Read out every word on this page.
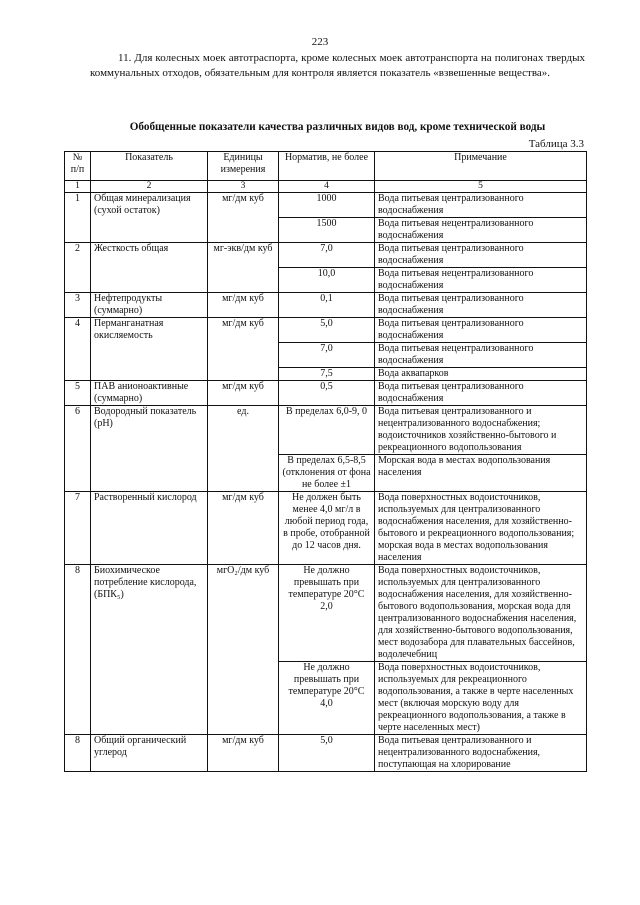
223

11. Для колесных моек автотраспорта, кроме колесных моек автотранспорта на полигонах твердых коммунальных отходов, обязательным для контроля является показатель «взвешенные вещества».

Обобщенные показатели качества различных видов вод, кроме технической воды
Таблица 3.3
№ п/п	Показатель	Единицы измерения	Норматив, не более	Примечание
1	2	3	4	5
1	Общая минерализация (сухой остаток)	мг/дм куб	1000	Вода питьевая централизованного водоснабжения
			1500	Вода питьевая нецентрализованного водоснабжения
2	Жесткость общая	мг-экв/дм куб	7,0	Вода питьевая централизованного водоснабжения
			10,0	Вода питьевая нецентрализованного водоснабжения
3	Нефтепродукты (суммарно)	мг/дм куб	0,1	Вода питьевая централизованного водоснабжения
4	Перманганатная окисляемость	мг/дм куб	5,0	Вода питьевая централизованного водоснабжения
			7,0	Вода питьевая нецентрализованного водоснабжения
			7,5	Вода аквапарков
5	ПАВ анионоактивные (суммарно)	мг/дм куб	0,5	Вода питьевая централизованного водоснабжения
6	Водородный показатель (рН)	ед.	В пределах 6,0-9, 0	Вода питьевая централизованного и нецентрализованного водоснабжения; водоисточников хозяйственно-бытового и рекреационного водопользования
			В пределах 6,5-8,5 (отклонения от фона не более ±1	Морская вода в местах водопользования населения
7	Растворенный кислород	мг/дм куб	Не должен быть менее 4,0 мг/л в любой период года, в пробе, отобранной до 12 часов дня.	Вода поверхностных водоисточников, используемых для централизованного водоснабжения населения, для хозяйственно-бытового и рекреационного водопользования; морская вода в местах водопользования населения
8	Биохимическое потребление кислорода, (БПК₅)	мгО₂/дм куб	Не должно превышать при температуре 20°С 2,0	Вода поверхностных водоисточников, используемых для централизованного водоснабжения населения, для хозяйственно-бытового водопользования, морская вода для централизованного водоснабжения населения, для хозяйственно-бытового водопользования, мест водозабора для плавательных бассейнов, водолечебниц
			Не должно превышать при температуре 20°С 4,0	Вода поверхностных водоисточников, используемых для рекреационного водопользования, а также в черте населенных мест (включая морскую воду для рекреационного водопользования, а также в черте населенных мест)
8	Общий органический углерод	мг/дм куб	5,0	Вода питьевая централизованного и нецентрализованного водоснабжения, поступающая на хлорирование
